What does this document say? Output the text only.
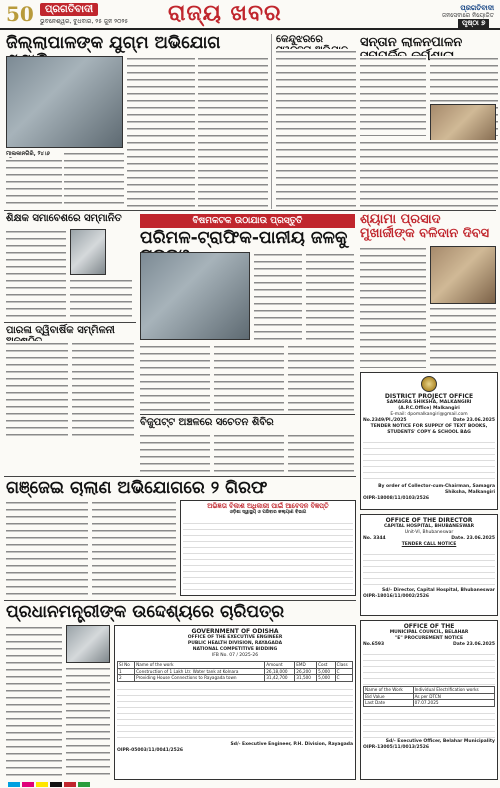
50	ପ୍ରଗତିବାଦୀ
ଭୁବନେଶ୍ୱର, ବୁଧବାର, ୨୫ ଜୁନ ୨୦୨୫ ରାଜ୍ୟ ଖବର	ପ୍ରଗତିବାଦୀ
ଜନସେବାରେ ନିୟୋଜିତ
ପୃଷ୍ଠା ୭
ଜିଲ୍ଲାପାଳଙ୍କ ଯୁଗ୍ମ ଅଭିଯୋଗ
ମାଲକାନଗିରି, ୨୪।୬
କେନ୍ଦୁଝରରେ	ସନ୍ତାନ ଲାଳନପାଳନ
ଶିକ୍ଷକ ସମାବେଶରେ ସମ୍ମାନିତ	ବିଷମକଟକ ଉଠାଯାଉ ପ୍ରସ୍ତୁତି
ପରିମଳ-ଟ୍ରାଫିକ-ପାନୀୟ ଜଳକୁ
ଶ୍ୟାମା ପ୍ରସାଦ ମୁଖାର୍ଜୀଙ୍କ ବଳିଦାନ ଦିବସ
ପାରଳା ଦ୍ୱିବାର୍ଷିକ ସମ୍ମିଳନୀ
ବିଜୁପଟ୍ଟ ଅଞ୍ଚଳରେ ସଚେତନ ଶିବିର
DISTRICT PROJECT OFFICE
SAMAGRA SHIKSHA, MALKANGIRI
(A.P.C.Office) Malkangiri
E-mail: dpomalkangiri@gmail.com
No.2349/Pl./2025	Date 23.06.2025
TENDER NOTICE FOR SUPPLY OF TEXT BOOKS, STUDENTS' COPY & SCHOOL BAG
By order of Collector-cum-Chairman, Samagra Shiksha, Malkangiri
OIPR-18008/11/0103/2526
OFFICE OF THE DIRECTOR
CAPITAL HOSPITAL, BHUBANESWAR
Unit-VI, Bhubaneswar
No. 3344	Date. 23.06.2025
TENDER CALL NOTICE
Sd/- Director, Capital Hospital, Bhubaneswar
OIPR-18016/11/0002/2526
OFFICE OF THE
MUNICIPAL COUNCIL, BELAHAR
"E" PROCUREMENT NOTICE
No.6593	Date 23.06.2025
Name of the Work	Individual Electrification works
Bid Value	As per DTCN
Last Date	07.07.2025
Sd/- Executive Officer, Belahar Municipality
OIPR-13005/11/0013/2526
ଗଞ୍ଜେଇ ଚାଲାଣ ଅଭିଯୋଗରେ ୨ ଗିରଫ
ଅଭିଜ୍ଞତା ବିକାଶ ଅଧିକାରୀ ପାଇଁ ଆବେଦନ ବିଜ୍ଞପ୍ତି
ଓଡ଼ିଶା ସ୍ୱାସ୍ଥ୍ୟ ଓ ପରିବାର କଲ୍ୟାଣ ବିଭାଗ
ପ୍ରଧାନମନ୍ତ୍ରୀଙ୍କ ଉଦ୍ଦେଶ୍ୟରେ ଚାରିପତ୍ର
GOVERNMENT OF ODISHA
OFFICE OF THE EXECUTIVE ENGINEER
PUBLIC HEALTH DIVISION, RAYAGADA
NATIONAL COMPETITIVE BIDDING
IFB No. 07 / 2025-26
Sl No	Name of the work	Amount	EMD	Cost	Class
1	Construction of 1 Lakh Ltr. Water tank at Kolnara	26,18,000	26,200	5,000	C
2	Providing House Connections to Rayagada town	31,42,700	31,500	5,000	C
Sd/- Executive Engineer, P.H. Division, Rayagada
OIPR-05003/11/0041/2526
